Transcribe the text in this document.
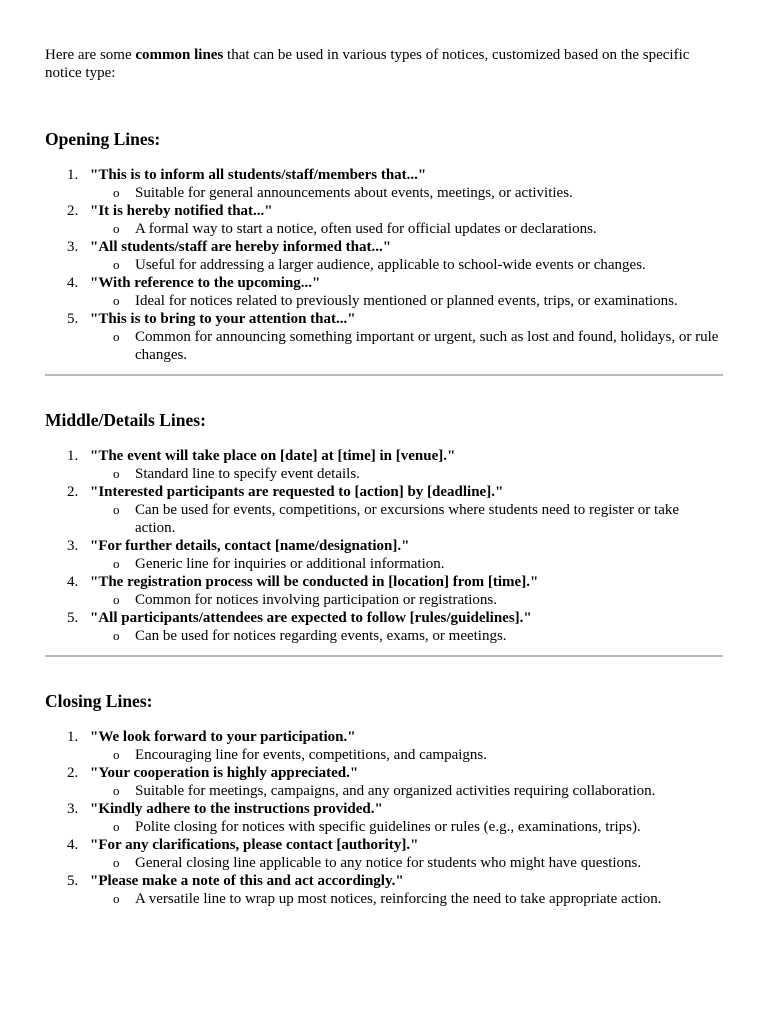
Here are some common lines that can be used in various types of notices, customized based on the specific notice type:

Opening Lines:
1. "This is to inform all students/staff/members that..."
o Suitable for general announcements about events, meetings, or activities.
2. "It is hereby notified that..."
o A formal way to start a notice, often used for official updates or declarations.
3. "All students/staff are hereby informed that..."
o Useful for addressing a larger audience, applicable to school-wide events or changes.
4. "With reference to the upcoming..."
o Ideal for notices related to previously mentioned or planned events, trips, or examinations.
5. "This is to bring to your attention that..."
o Common for announcing something important or urgent, such as lost and found, holidays, or rule changes.
Middle/Details Lines:
1. "The event will take place on [date] at [time] in [venue]."
o Standard line to specify event details.
2. "Interested participants are requested to [action] by [deadline]."
o Can be used for events, competitions, or excursions where students need to register or take action.
3. "For further details, contact [name/designation]."
o Generic line for inquiries or additional information.
4. "The registration process will be conducted in [location] from [time]."
o Common for notices involving participation or registrations.
5. "All participants/attendees are expected to follow [rules/guidelines]."
o Can be used for notices regarding events, exams, or meetings.
Closing Lines:
1. "We look forward to your participation."
o Encouraging line for events, competitions, and campaigns.
2. "Your cooperation is highly appreciated."
o Suitable for meetings, campaigns, and any organized activities requiring collaboration.
3. "Kindly adhere to the instructions provided."
o Polite closing for notices with specific guidelines or rules (e.g., examinations, trips).
4. "For any clarifications, please contact [authority]."
o General closing line applicable to any notice for students who might have questions.
5. "Please make a note of this and act accordingly."
o A versatile line to wrap up most notices, reinforcing the need to take appropriate action.
